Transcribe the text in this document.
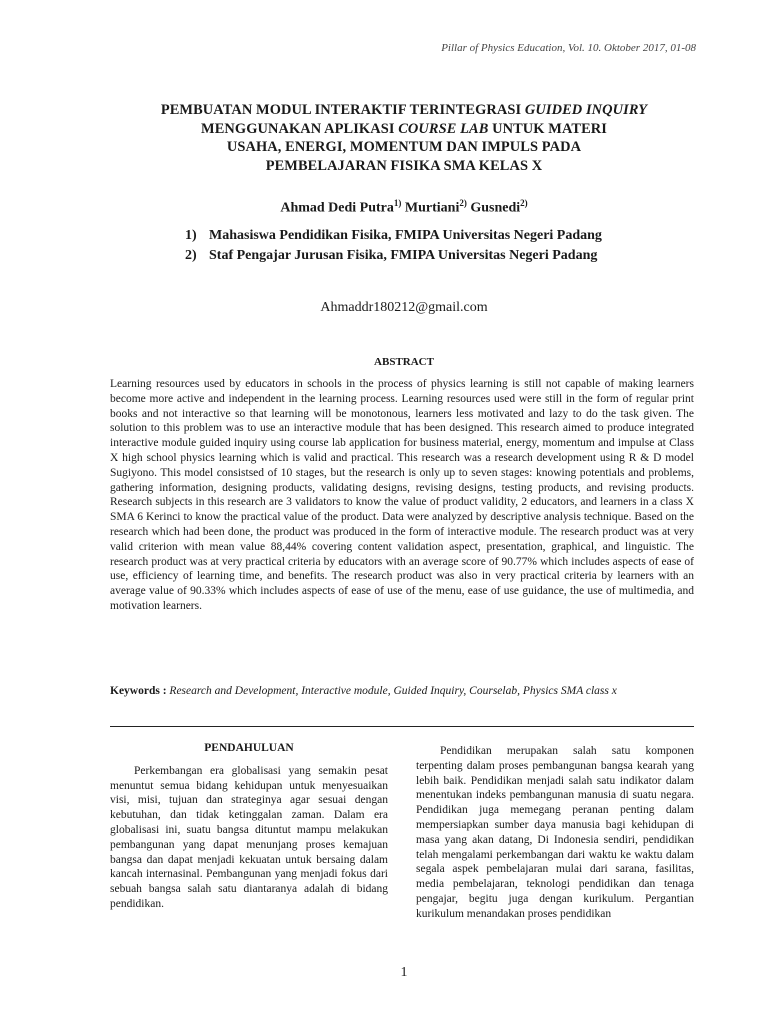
Pillar of Physics Education, Vol. 10. Oktober 2017, 01-08
PEMBUATAN MODUL INTERAKTIF TERINTEGRASI GUIDED INQUIRY
MENGGUNAKAN APLIKASI COURSE LAB UNTUK MATERI
USAHA, ENERGI, MOMENTUM DAN IMPULS PADA
PEMBELAJARAN FISIKA SMA KELAS X
Ahmad Dedi Putra$^{1)}$ Murtiani$^{2)}$ Gusnedi$^{2)}$
1) Mahasiswa Pendidikan Fisika, FMIPA Universitas Negeri Padang
2) Staf Pengajar Jurusan Fisika, FMIPA Universitas Negeri Padang
Ahmaddr180212@gmail.com
ABSTRACT
Learning resources used by educators in schools in the process of physics learning is still not capable of making learners become more active and independent in the learning process. Learning resources used were still in the form of regular print books and not interactive so that learning will be monotonous, learners less motivated and lazy to do the task given. The solution to this problem was to use an interactive module that has been designed. This research aimed to produce integrated interactive module guided inquiry using course lab application for business material, energy, momentum and impulse at Class X high school physics learning which is valid and practical. This research was a research development using R & D model Sugiyono. This model consistsed of 10 stages, but the research is only up to seven stages: knowing potentials and problems, gathering information, designing products, validating designs, revising designs, testing products, and revising products. Research subjects in this research are 3 validators to know the value of product validity, 2 educators, and learners in a class X SMA 6 Kerinci to know the practical value of the product. Data were analyzed by descriptive analysis technique. Based on the research which had been done, the product was produced in the form of interactive module. The research product was at very valid criterion with mean value 88,44% covering content validation aspect, presentation, graphical, and linguistic. The research product was at very practical criteria by educators with an average score of 90.77% which includes aspects of ease of use, efficiency of learning time, and benefits. The research product was also in very practical criteria by learners with an average value of 90.33% which includes aspects of ease of use of the menu, ease of use guidance, the use of multimedia, and motivation learners.
Keywords : Research and Development, Interactive module, Guided Inquiry, Courselab, Physics SMA class x
PENDAHULUAN

Perkembangan era globalisasi yang semakin pesat menuntut semua bidang kehidupan untuk menyesuaikan visi, misi, tujuan dan strateginya agar sesuai dengan kebutuhan, dan tidak ketinggalan zaman. Dalam era globalisasi ini, suatu bangsa dituntut mampu melakukan pembangunan yang dapat menunjang proses kemajuan bangsa dan dapat menjadi kekuatan untuk bersaing dalam kancah internasinal. Pembangunan yang menjadi fokus dari sebuah bangsa salah satu diantaranya adalah di bidang pendidikan.

Pendidikan merupakan salah satu komponen terpenting dalam proses pembangunan bangsa kearah yang lebih baik. Pendidikan menjadi salah satu indikator dalam menentukan indeks pembangunan manusia di suatu negara. Pendidikan juga memegang peranan penting dalam mempersiapkan sumber daya manusia bagi kehidupan di masa yang akan datang, Di Indonesia sendiri, pendidikan telah mengalami perkembangan dari waktu ke waktu dalam segala aspek pembelajaran mulai dari sarana, fasilitas, media pembelajaran, teknologi pendidikan dan tenaga pengajar, begitu juga dengan kurikulum. Pergantian kurikulum menandakan proses pendidikan

1
